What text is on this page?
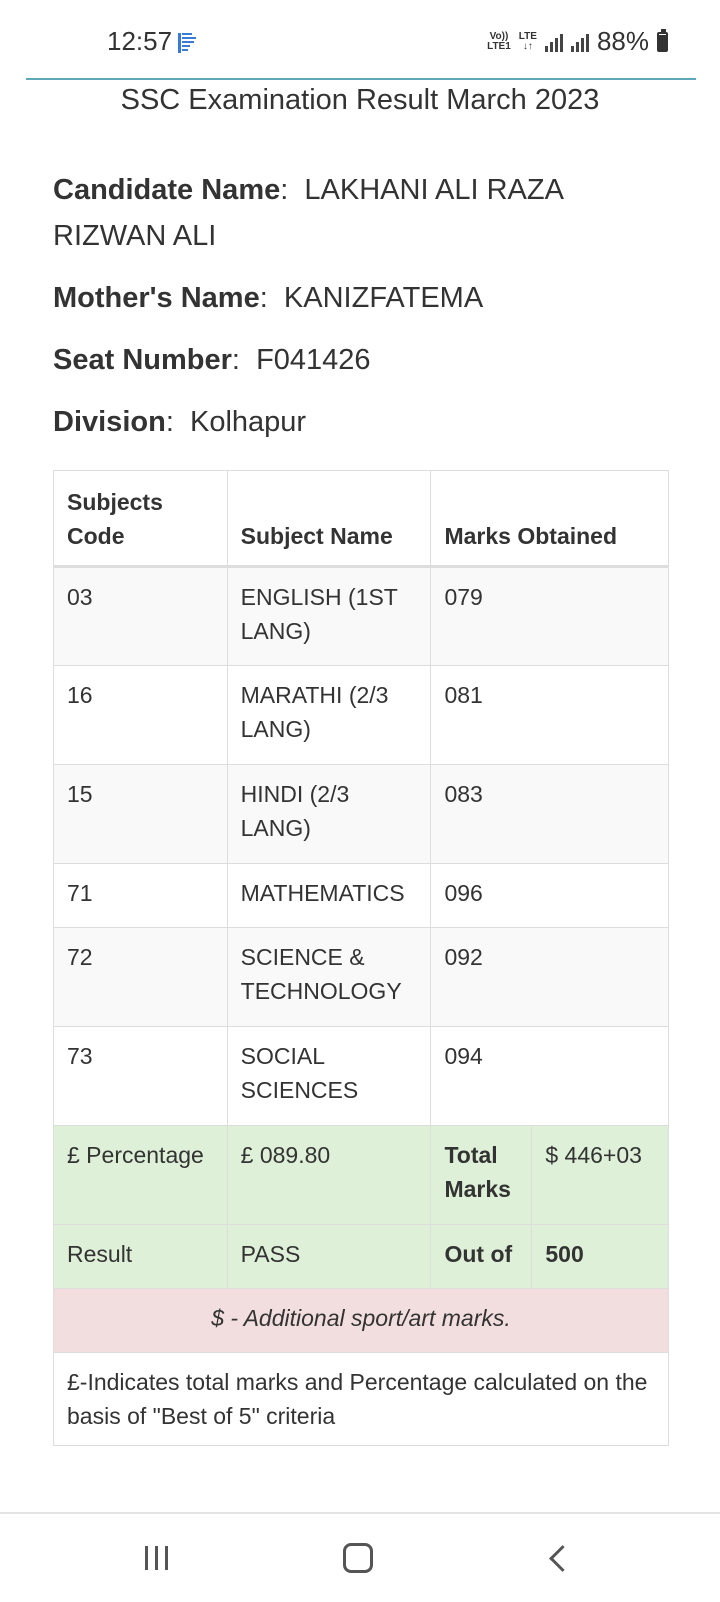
12:57	Vo))
LTE1
LTE
↓↑ 88%
SSC Examination Result March 2023
Candidate Name: LAKHANI ALI RAZA RIZWAN ALI
Mother's Name: KANIZFATEMA
Seat Number: F041426
Division: Kolhapur
Subjects Code	Subject Name	Marks Obtained	
03	ENGLISH (1ST LANG)	079	
16	MARATHI (2/3 LANG)	081	
15	HINDI (2/3 LANG)	083	
71	MATHEMATICS	096	
72	SCIENCE & TECHNOLOGY	092	
73	SOCIAL SCIENCES	094	
£ Percentage	£ 089.80	Total Marks	$ 446+03
Result	PASS	Out of	500
$ - Additional sport/art marks.			
£-Indicates total marks and Percentage calculated on the basis of "Best of 5" criteria			
